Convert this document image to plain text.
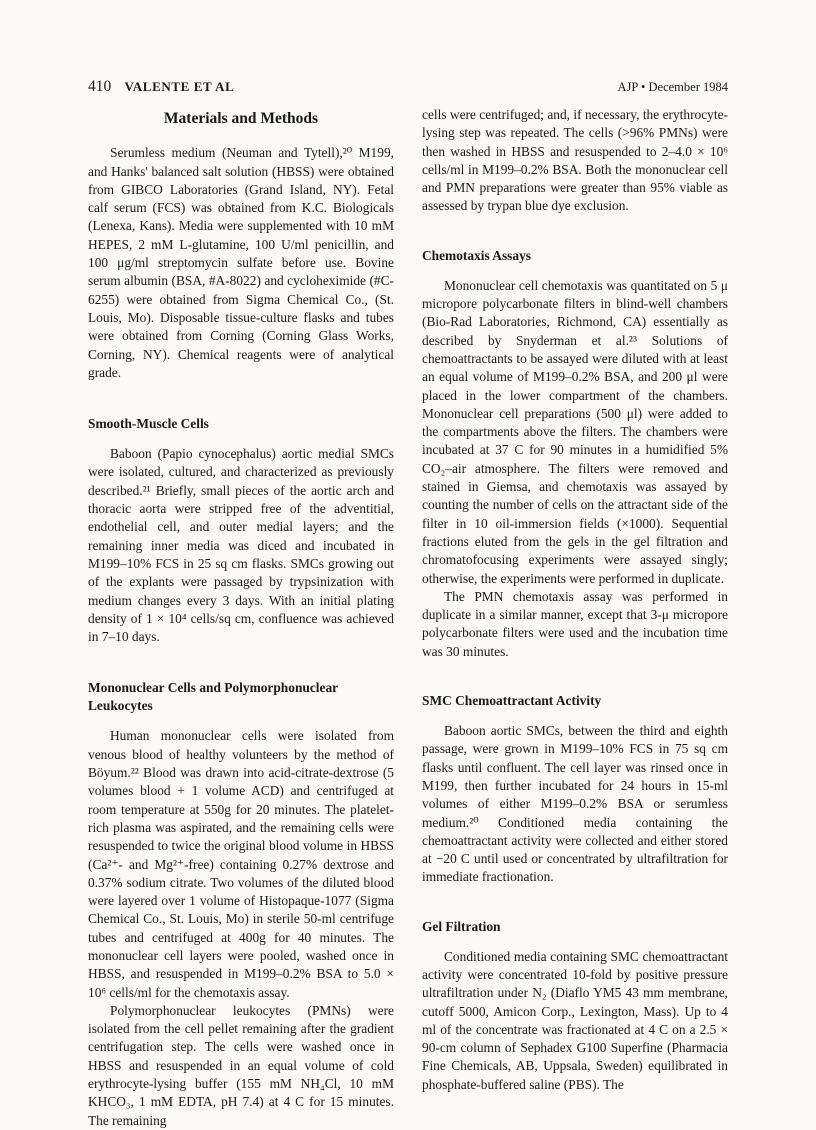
410 VALENTE ET AL	AJP • December 1984
Materials and Methods

Serumless medium (Neuman and Tytell),²⁰ M199, and Hanks' balanced salt solution (HBSS) were obtained from GIBCO Laboratories (Grand Island, NY). Fetal calf serum (FCS) was obtained from K.C. Biologicals (Lenexa, Kans). Media were supplemented with 10 mM HEPES, 2 mM L-glutamine, 100 U/ml penicillin, and 100 μg/ml streptomycin sulfate before use. Bovine serum albumin (BSA, #A-8022) and cycloheximide (#C-6255) were obtained from Sigma Chemical Co., (St. Louis, Mo). Disposable tissue-culture flasks and tubes were obtained from Corning (Corning Glass Works, Corning, NY). Chemical reagents were of analytical grade.

Smooth-Muscle Cells

Baboon (Papio cynocephalus) aortic medial SMCs were isolated, cultured, and characterized as previously described.²¹ Briefly, small pieces of the aortic arch and thoracic aorta were stripped free of the adventitial, endothelial cell, and outer medial layers; and the remaining inner media was diced and incubated in M199–10% FCS in 25 sq cm flasks. SMCs growing out of the explants were passaged by trypsinization with medium changes every 3 days. With an initial plating density of 1 × 10⁴ cells/sq cm, confluence was achieved in 7–10 days.

Mononuclear Cells and Polymorphonuclear Leukocytes

Human mononuclear cells were isolated from venous blood of healthy volunteers by the method of Böyum.²² Blood was drawn into acid-citrate-dextrose (5 volumes blood + 1 volume ACD) and centrifuged at room temperature at 550g for 20 minutes. The platelet-rich plasma was aspirated, and the remaining cells were resuspended to twice the original blood volume in HBSS (Ca²⁺- and Mg²⁺-free) containing 0.27% dextrose and 0.37% sodium citrate. Two volumes of the diluted blood were layered over 1 volume of Histopaque-1077 (Sigma Chemical Co., St. Louis, Mo) in sterile 50-ml centrifuge tubes and centrifuged at 400g for 40 minutes. The mononuclear cell layers were pooled, washed once in HBSS, and resuspended in M199–0.2% BSA to 5.0 × 10⁶ cells/ml for the chemotaxis assay.

Polymorphonuclear leukocytes (PMNs) were isolated from the cell pellet remaining after the gradient centrifugation step. The cells were washed once in HBSS and resuspended in an equal volume of cold erythrocyte-lysing buffer (155 mM NH₄Cl, 10 mM KHCO₃, 1 mM EDTA, pH 7.4) at 4 C for 15 minutes. The remaining

cells were centrifuged; and, if necessary, the erythrocyte-lysing step was repeated. The cells (>96% PMNs) were then washed in HBSS and resuspended to 2–4.0 × 10⁶ cells/ml in M199–0.2% BSA. Both the mononuclear cell and PMN preparations were greater than 95% viable as assessed by trypan blue dye exclusion.

Chemotaxis Assays

Mononuclear cell chemotaxis was quantitated on 5 μ micropore polycarbonate filters in blind-well chambers (Bio-Rad Laboratories, Richmond, CA) essentially as described by Snyderman et al.²³ Solutions of chemoattractants to be assayed were diluted with at least an equal volume of M199–0.2% BSA, and 200 μl were placed in the lower compartment of the chambers. Mononuclear cell preparations (500 μl) were added to the compartments above the filters. The chambers were incubated at 37 C for 90 minutes in a humidified 5% CO₂–air atmosphere. The filters were removed and stained in Giemsa, and chemotaxis was assayed by counting the number of cells on the attractant side of the filter in 10 oil-immersion fields (×1000). Sequential fractions eluted from the gels in the gel filtration and chromatofocusing experiments were assayed singly; otherwise, the experiments were performed in duplicate.

The PMN chemotaxis assay was performed in duplicate in a similar manner, except that 3-μ micropore polycarbonate filters were used and the incubation time was 30 minutes.

SMC Chemoattractant Activity

Baboon aortic SMCs, between the third and eighth passage, were grown in M199–10% FCS in 75 sq cm flasks until confluent. The cell layer was rinsed once in M199, then further incubated for 24 hours in 15-ml volumes of either M199–0.2% BSA or serumless medium.²⁰ Conditioned media containing the chemoattractant activity were collected and either stored at −20 C until used or concentrated by ultrafiltration for immediate fractionation.

Gel Filtration

Conditioned media containing SMC chemoattractant activity were concentrated 10-fold by positive pressure ultrafiltration under N₂ (Diaflo YM5 43 mm membrane, cutoff 5000, Amicon Corp., Lexington, Mass). Up to 4 ml of the concentrate was fractionated at 4 C on a 2.5 × 90-cm column of Sephadex G100 Superfine (Pharmacia Fine Chemicals, AB, Uppsala, Sweden) equilibrated in phosphate-buffered saline (PBS). The
